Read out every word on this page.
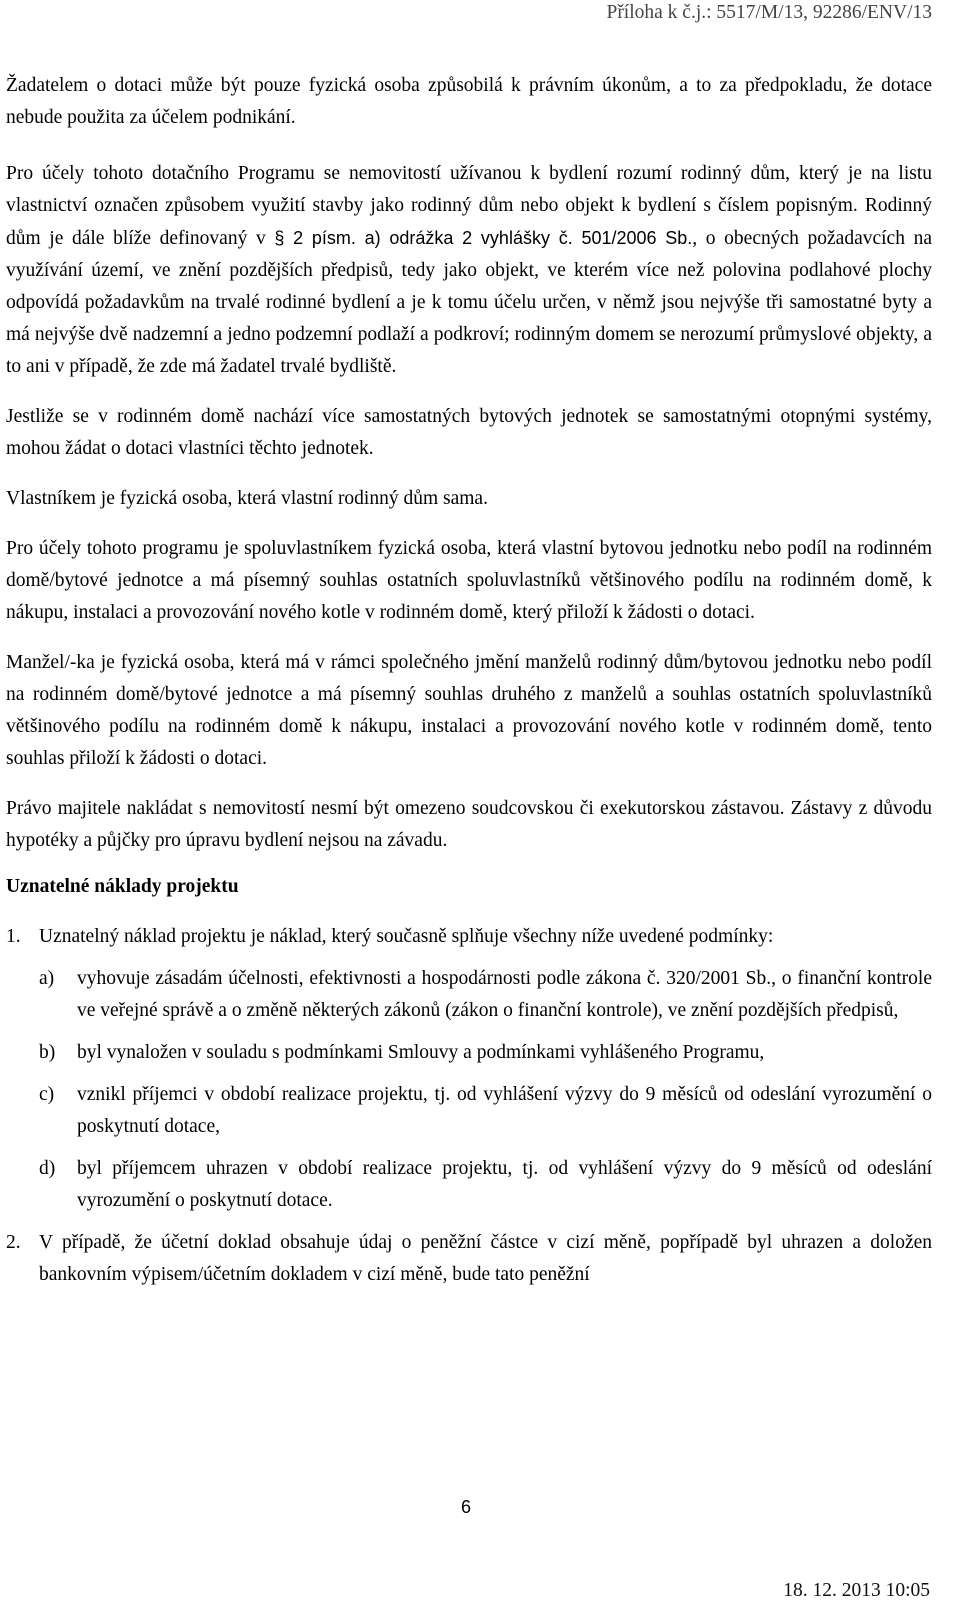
Příloha k č.j.: 5517/M/13, 92286/ENV/13

Žadatelem o dotaci může být pouze fyzická osoba způsobilá k právním úkonům, a to za předpokladu, že dotace nebude použita za účelem podnikání.

Pro účely tohoto dotačního Programu se nemovitostí užívanou k bydlení rozumí rodinný dům, který je na listu vlastnictví označen způsobem využití stavby jako rodinný dům nebo objekt k bydlení s číslem popisným. Rodinný dům je dále blíže definovaný v § 2 písm. a) odrážka 2 vyhlášky č. 501/2006 Sb., o obecných požadavcích na využívání území, ve znění pozdějších předpisů, tedy jako objekt, ve kterém více než polovina podlahové plochy odpovídá požadavkům na trvalé rodinné bydlení a je k tomu účelu určen, v němž jsou nejvýše tři samostatné byty a má nejvýše dvě nadzemní a jedno podzemní podlaží a podkroví; rodinným domem se nerozumí průmyslové objekty, a to ani v případě, že zde má žadatel trvalé bydliště.

Jestliže se v rodinném domě nachází více samostatných bytových jednotek se samostatnými otopnými systémy, mohou žádat o dotaci vlastníci těchto jednotek.

Vlastníkem je fyzická osoba, která vlastní rodinný dům sama.

Pro účely tohoto programu je spoluvlastníkem fyzická osoba, která vlastní bytovou jednotku nebo podíl na rodinném domě/bytové jednotce a má písemný souhlas ostatních spoluvlastníků většinového podílu na rodinném domě, k nákupu, instalaci a provozování nového kotle v rodinném domě, který přiloží k žádosti o dotaci.

Manžel/-ka je fyzická osoba, která má v rámci společného jmění manželů rodinný dům/bytovou jednotku nebo podíl na rodinném domě/bytové jednotce a má písemný souhlas druhého z manželů a souhlas ostatních spoluvlastníků většinového podílu na rodinném domě k nákupu, instalaci a provozování nového kotle v rodinném domě, tento souhlas přiloží k žádosti o dotaci.

Právo majitele nakládat s nemovitostí nesmí být omezeno soudcovskou či exekutorskou zástavou. Zástavy z důvodu hypotéky a půjčky pro úpravu bydlení nejsou na závadu.

Uznatelné náklady projektu
1. Uznatelný náklad projektu je náklad, který současně splňuje všechny níže uvedené podmínky:
a) vyhovuje zásadám účelnosti, efektivnosti a hospodárnosti podle zákona č. 320/2001 Sb., o finanční kontrole ve veřejné správě a o změně některých zákonů (zákon o finanční kontrole), ve znění pozdějších předpisů,
b) byl vynaložen v souladu s podmínkami Smlouvy a podmínkami vyhlášeného Programu,
c) vznikl příjemci v období realizace projektu, tj. od vyhlášení výzvy do 9 měsíců od odeslání vyrozumění o poskytnutí dotace,
d) byl příjemcem uhrazen v období realizace projektu, tj. od vyhlášení výzvy do 9 měsíců od odeslání vyrozumění o poskytnutí dotace.
2. V případě, že účetní doklad obsahuje údaj o peněžní částce v cizí měně, popřípadě byl uhrazen a doložen bankovním výpisem/účetním dokladem v cizí měně, bude tato peněžní
6
18. 12. 2013 10:05
